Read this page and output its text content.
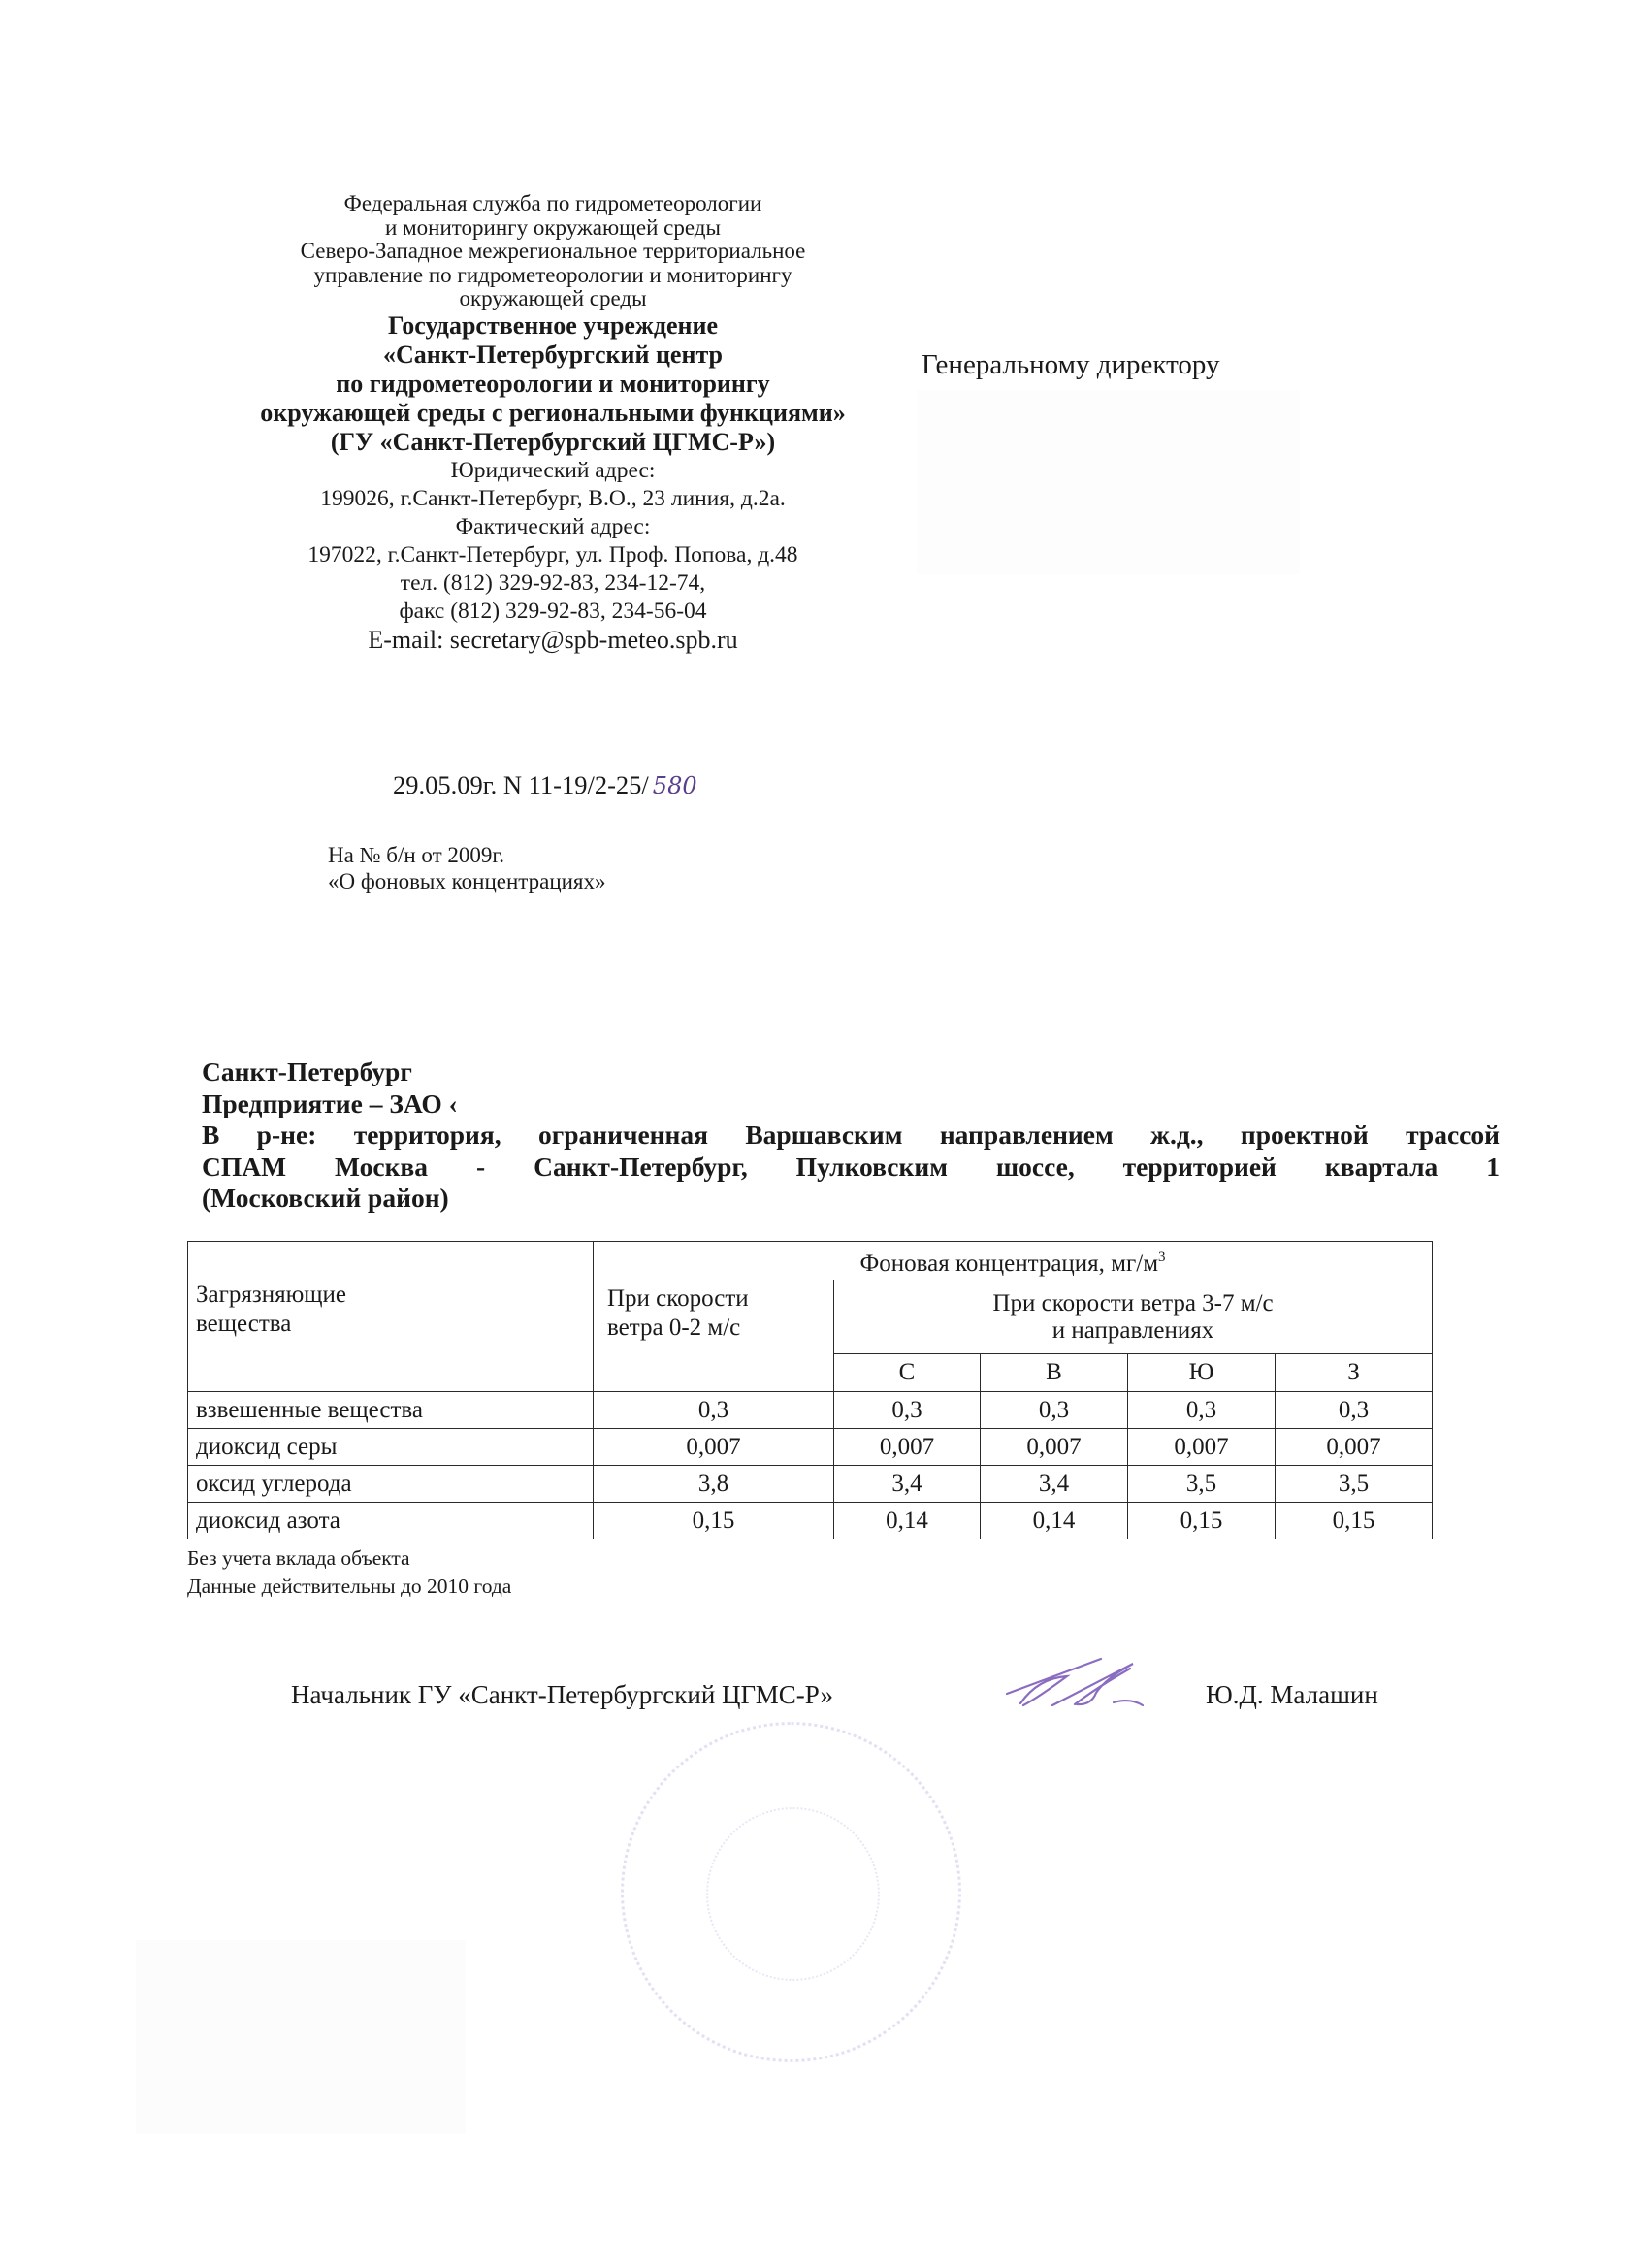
Федеральная служба по гидрометеорологии
и мониторингу окружающей среды
Северо-Западное межрегиональное территориальное
управление по гидрометеорологии и мониторингу
окружающей среды
Государственное учреждение
«Санкт-Петербургский центр
по гидрометеорологии и мониторингу
окружающей среды с региональными функциями»
(ГУ «Санкт-Петербургский ЦГМС-Р»)
Юридический адрес:
199026, г.Санкт-Петербург, В.О., 23 линия, д.2а.
Фактический адрес:
197022, г.Санкт-Петербург, ул. Проф. Попова, д.48
тел. (812) 329-92-83, 234-12-74,
факс (812) 329-92-83, 234-56-04
E-mail: secretary@spb-meteo.spb.ru
Генеральному директору
29.05.09г. N 11-19/2-25/ 580
На № б/н от 2009г.
«О фоновых концентрациях»
Санкт-Петербург
Предприятие – ЗАО ‹
В р-не: территория, ограниченная Варшавским направлением ж.д., проектной трассой
СПАМ Москва - Санкт-Петербург, Пулковским шоссе, территорией квартала 1
(Московский район)
Загрязняющие вещества	Фоновая концентрация, $мг/м^3$
	При скорости ветра 0-2 м/с	При скорости ветра 3-7 м/с
и направлениях			

		С	В	Ю	З
взвешенные вещества	0,3	0,3	0,3	0,3	0,3
диоксид серы	0,007	0,007	0,007	0,007	0,007
оксид углерода	3,8	3,4	3,4	3,5	3,5
диоксид азота	0,15	0,14	0,14	0,15	0,15
Без учета вклада объекта
Данные действительны до 2010 года
Начальник ГУ «Санкт-Петербургский ЦГМС-Р»	Ю.Д. Малашин
